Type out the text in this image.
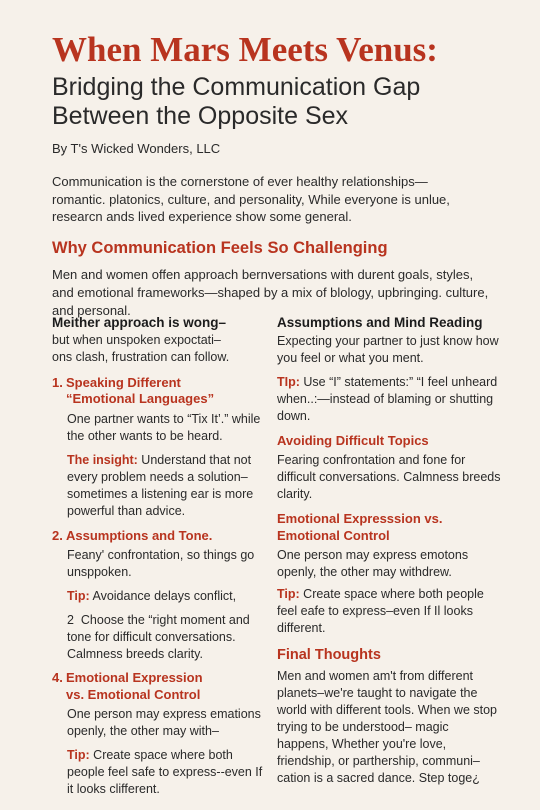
When Mars Meets Venus:
Bridging the Communication Gap
Between the Opposite Sex
By T's Wicked Wonders, LLC
Communication is the cornerstone of ever healthy relationships—romantic. platonics, culture, and personality, While everyone is unlue, researcn ands lived experience show some general.
Why Communication Feels So Challenging
Men and women offen approach bernversations with durent goals, styles, and emotional frameworks—shaped by a mix of blology, upbringing. culture, and personal.
Meither approach is wong–
but when unspoken expoctati–
ons clash, frustration can follow.
1. Speaking Different
“Emotional Languages”
One partner wants to “Tix It’.” while the other wants to be heard.
The insight: Understand that not every problem needs a solution– sometimes a listening ear is more powerful than advice.
2. Assumptions and Tone.
Feany' confrontation, so things go unsppoken.
Tip: Avoidance delays conflict,
2 Choose the “right moment and tone for difficult conversations. Calmness breeds clarity.
4. Emotional Expression
vs. Emotional Control
One person may express emations openly, the other may with–
Tip: Create space where both people feel safe to express--even If it looks clifferent.
Assumptions and Mind Reading
Expecting your partner to just know how you feel or what you ment.
TIp: Use “I” statements:” “I feel unheard when..:—instead of blaming or shutting down.
Avoiding Difficult Topics
Fearing confrontation and fone for difficult conversations. Calmness breeds clarity.
Emotional Expresssion vs.
Emotional Control
One person may express emotons openly, the other may withdrew.
Tip: Create space where both people feel eafe to express–even If Il looks different.
Final Thoughts
Men and women am't from different planets–we're taught to navigate the world with different tools. When we stop trying to be understood– magic happens, Whether you're love, friendship, or parthership, communi– cation is a sacred dance. Step toge¿
